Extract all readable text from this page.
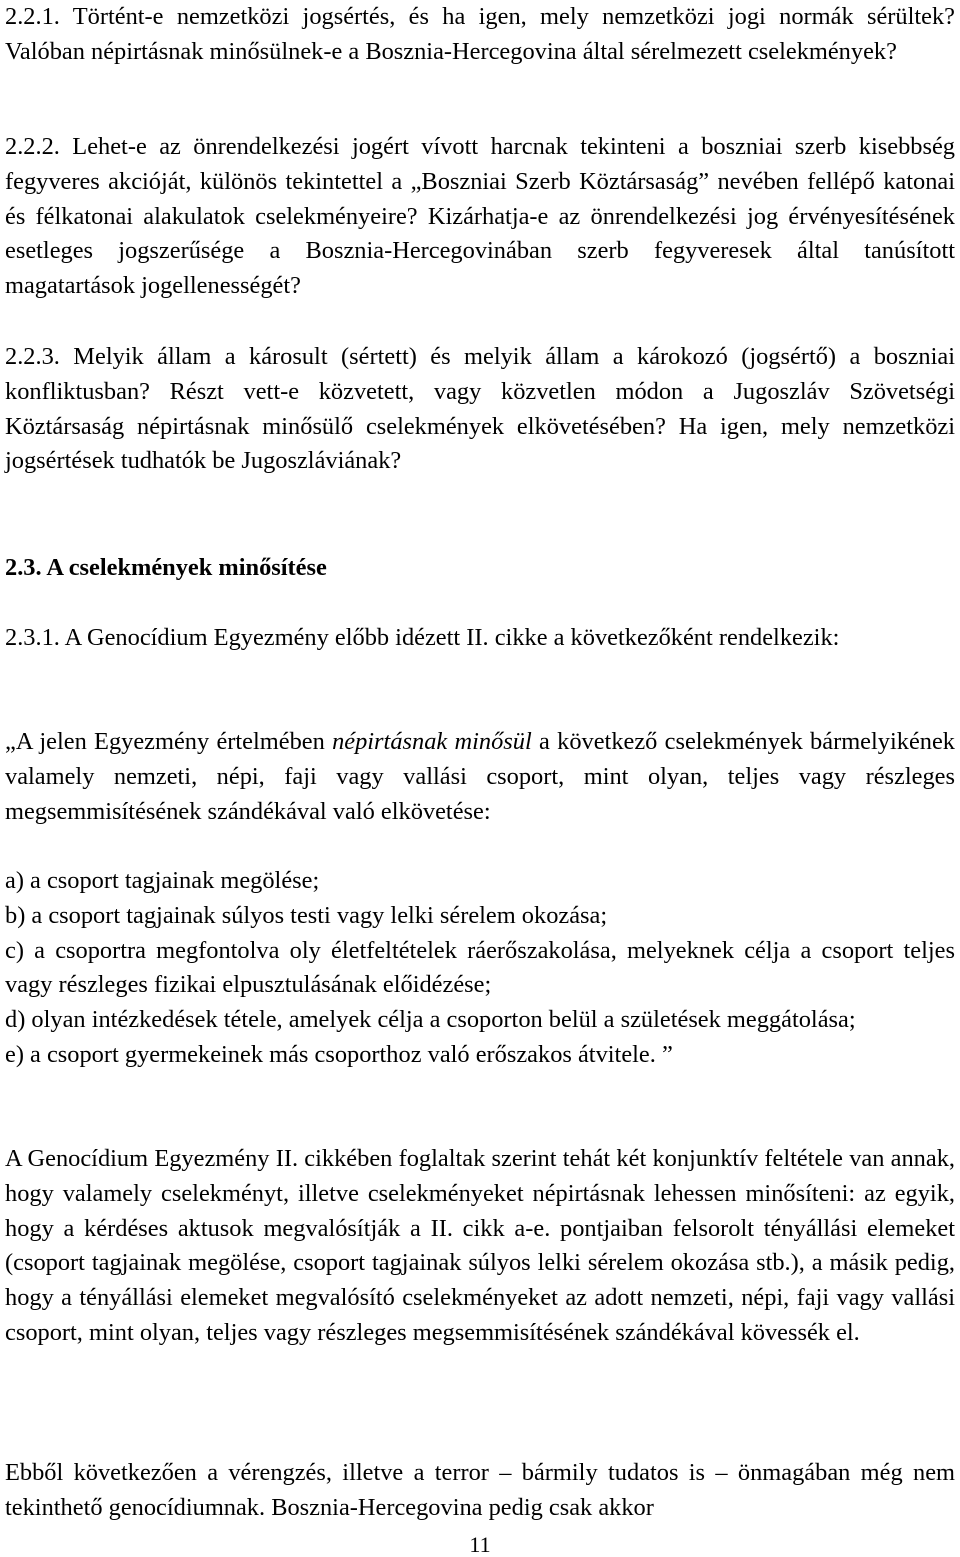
2.2.1. Történt-e nemzetközi jogsértés, és ha igen, mely nemzetközi jogi normák sérültek? Valóban népirtásnak minősülnek-e a Bosznia-Hercegovina által sérelmezett cselekmények?

2.2.2. Lehet-e az önrendelkezési jogért vívott harcnak tekinteni a boszniai szerb kisebbség fegyveres akcióját, különös tekintettel a „Boszniai Szerb Köztársaság” nevében fellépő katonai és félkatonai alakulatok cselekményeire? Kizárhatja-e az önrendelkezési jog érvényesítésének esetleges jogszerűsége a Bosznia-Hercegovinában szerb fegyveresek által tanúsított magatartások jogellenességét?

2.2.3. Melyik állam a károsult (sértett) és melyik állam a károkozó (jogsértő) a boszniai konfliktusban? Részt vett-e közvetett, vagy közvetlen módon a Jugoszláv Szövetségi Köztársaság népirtásnak minősülő cselekmények elkövetésében? Ha igen, mely nemzetközi jogsértések tudhatók be Jugoszláviának?

2.3. A cselekmények minősítése

2.3.1. A Genocídium Egyezmény előbb idézett II. cikke a következőként rendelkezik:

„A jelen Egyezmény értelmében népirtásnak minősül a következő cselekmények bármelyikének valamely nemzeti, népi, faji vagy vallási csoport, mint olyan, teljes vagy részleges megsemmisítésének szándékával való elkövetése:

a) a csoport tagjainak megölése;

b) a csoport tagjainak súlyos testi vagy lelki sérelem okozása;

c) a csoportra megfontolva oly életfeltételek ráerőszakolása, melyeknek célja a csoport teljes vagy részleges fizikai elpusztulásának előidézése;

d) olyan intézkedések tétele, amelyek célja a csoporton belül a születések meggátolása;

e) a csoport gyermekeinek más csoporthoz való erőszakos átvitele. ”

A Genocídium Egyezmény II. cikkében foglaltak szerint tehát két konjunktív feltétele van annak, hogy valamely cselekményt, illetve cselekményeket népirtásnak lehessen minősíteni: az egyik, hogy a kérdéses aktusok megvalósítják a II. cikk a-e. pontjaiban felsorolt tényállási elemeket (csoport tagjainak megölése, csoport tagjainak súlyos lelki sérelem okozása stb.), a másik pedig, hogy a tényállási elemeket megvalósító cselekményeket az adott nemzeti, népi, faji vagy vallási csoport, mint olyan, teljes vagy részleges megsemmisítésének szándékával kövessék el.

Ebből következően a vérengzés, illetve a terror – bármily tudatos is – önmagában még nem tekinthető genocídiumnak. Bosznia-Hercegovina pedig csak akkor

11
